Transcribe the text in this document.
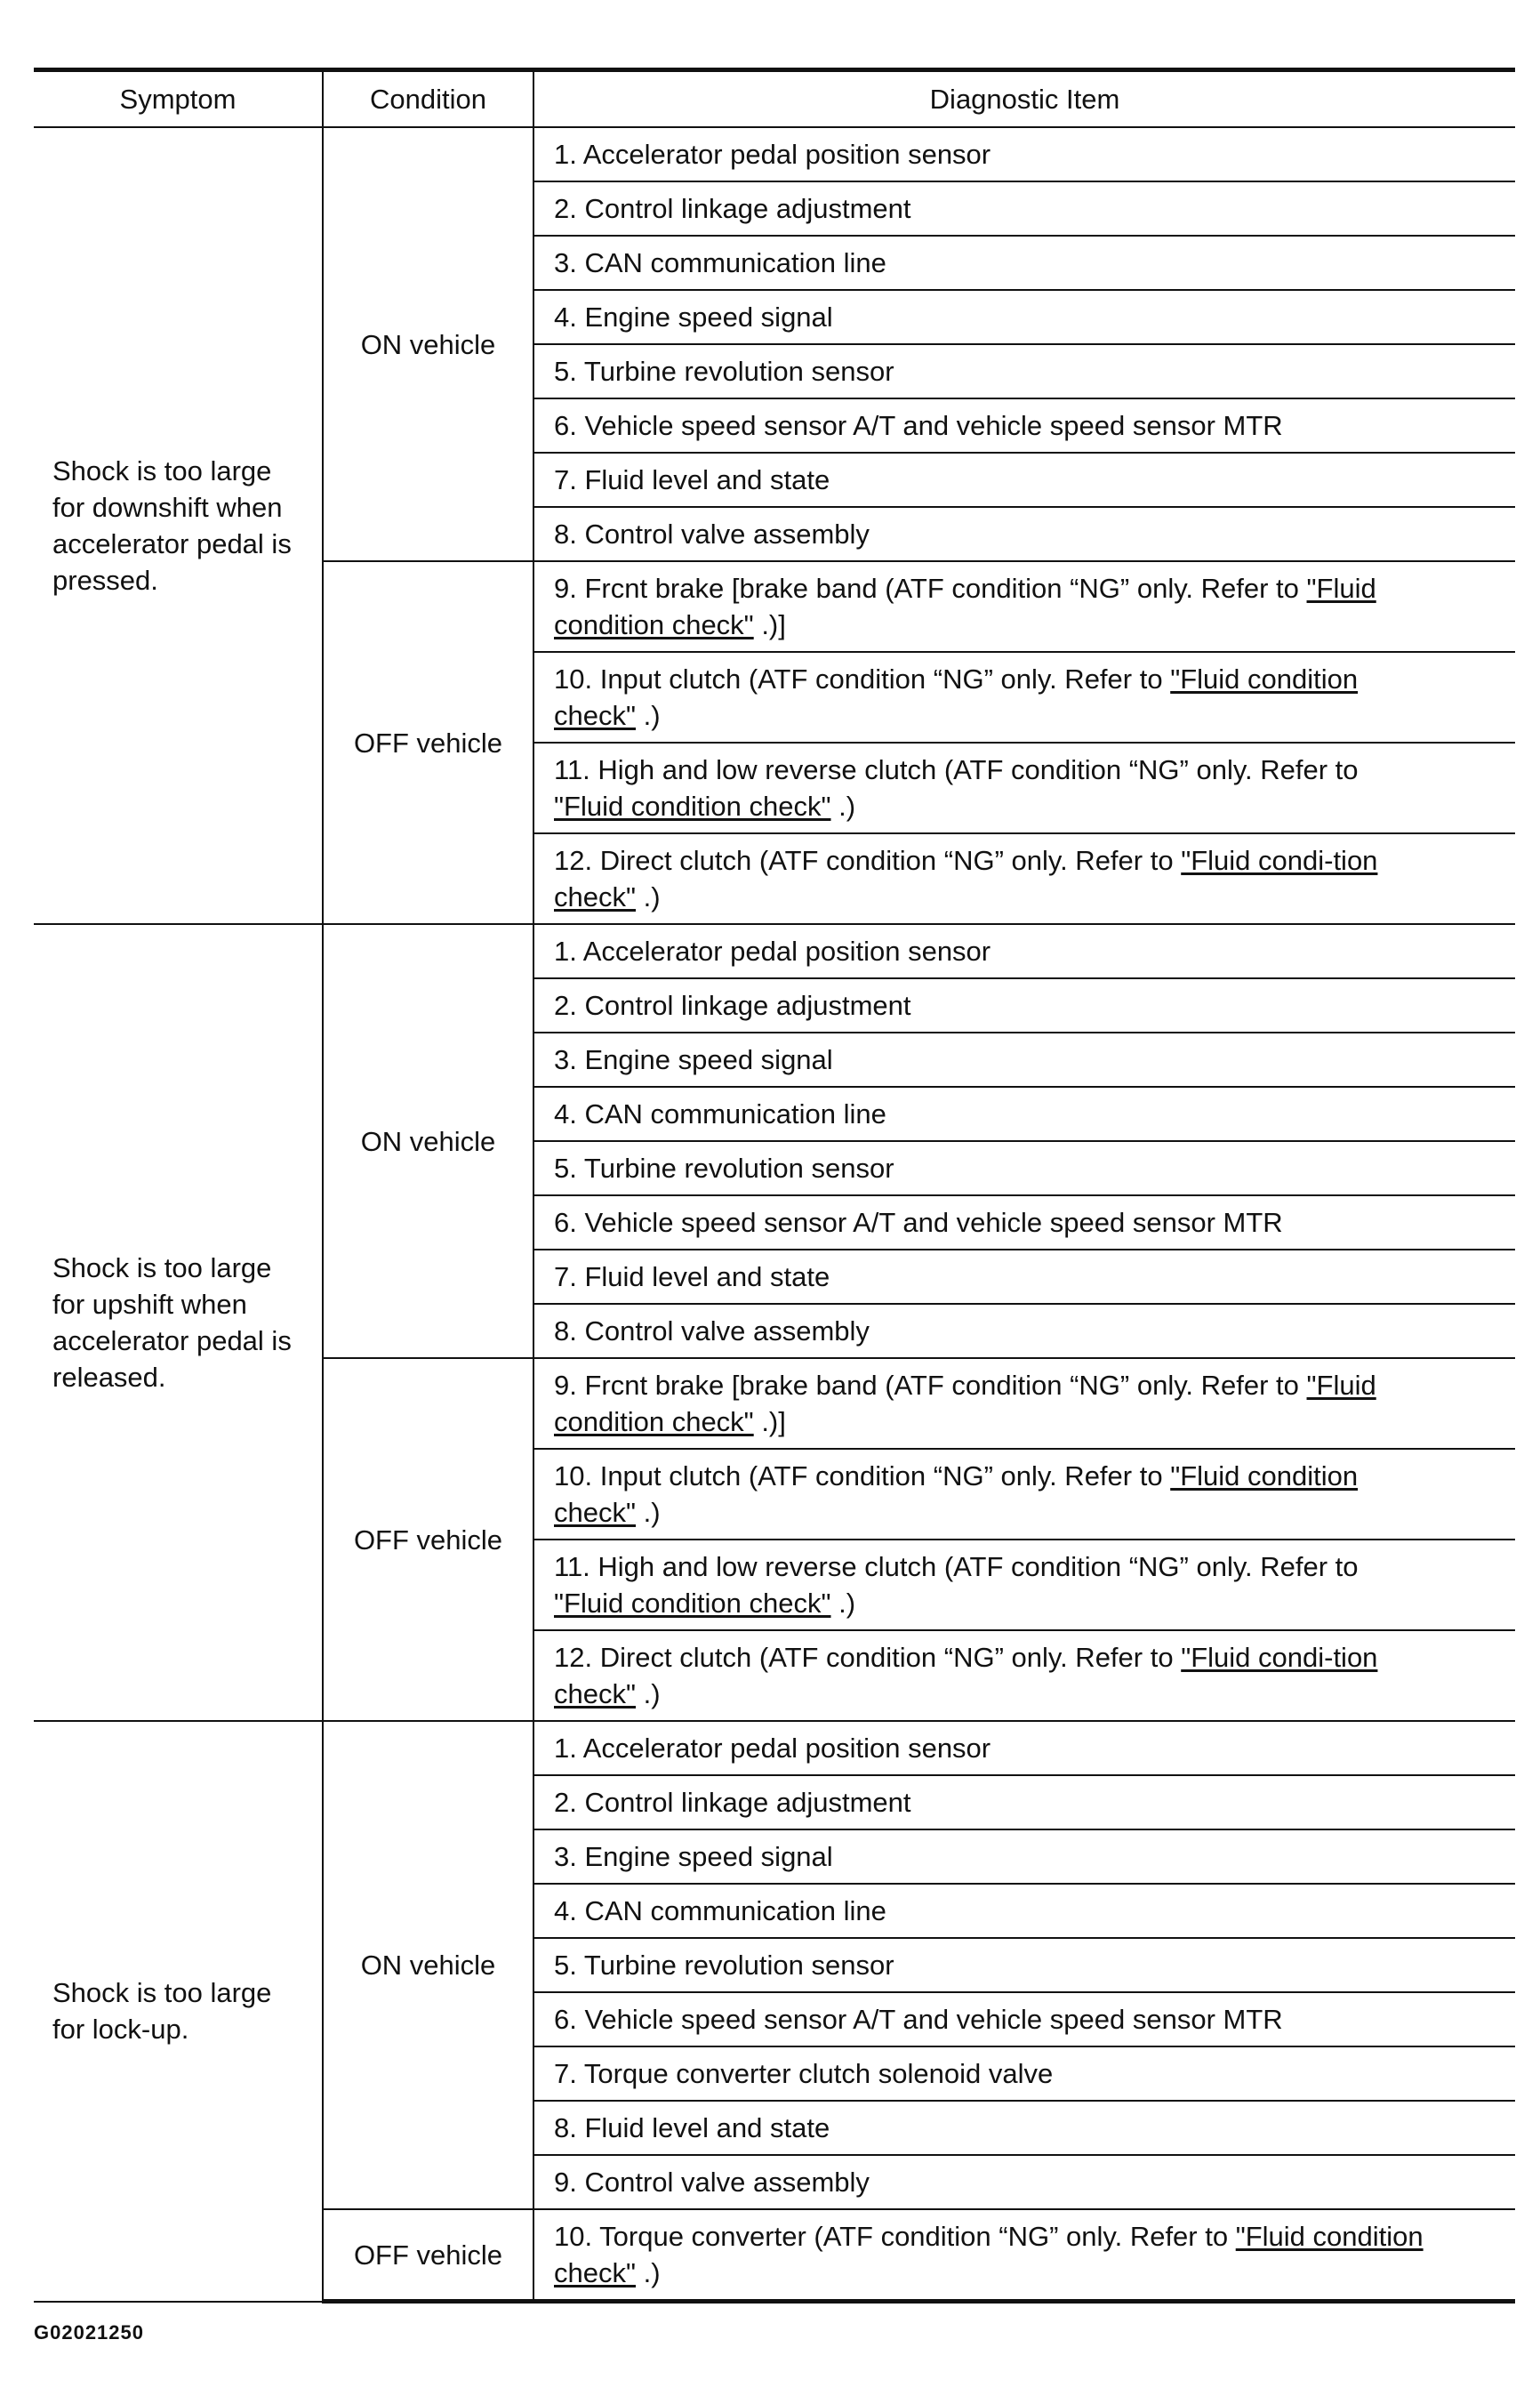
Symptom	Condition	Diagnostic Item
Shock is too large
for downshift when
accelerator pedal is
pressed.	ON vehicle	1. Accelerator pedal position sensor
		2. Control linkage adjustment
		3. CAN communication line
		4. Engine speed signal
		5. Turbine revolution sensor
		6. Vehicle speed sensor A/T and vehicle speed sensor MTR
		7. Fluid level and state
		8. Control valve assembly
	OFF vehicle	9. Frcnt brake [brake band (ATF condition “NG” only. Refer to "Fluid condition check" .)]
		10. Input clutch (ATF condition “NG” only. Refer to "Fluid condition check" .)
		11. High and low reverse clutch (ATF condition “NG” only. Refer to "Fluid condition check" .)
		12. Direct clutch (ATF condition “NG” only. Refer to "Fluid condi-tion check" .)
Shock is too large
for upshift when
accelerator pedal is
released.	ON vehicle	1. Accelerator pedal position sensor
		2. Control linkage adjustment
		3. Engine speed signal
		4. CAN communication line
		5. Turbine revolution sensor
		6. Vehicle speed sensor A/T and vehicle speed sensor MTR
		7. Fluid level and state
		8. Control valve assembly
	OFF vehicle	9. Frcnt brake [brake band (ATF condition “NG” only. Refer to "Fluid condition check" .)]
		10. Input clutch (ATF condition “NG” only. Refer to "Fluid condition check" .)
		11. High and low reverse clutch (ATF condition “NG” only. Refer to "Fluid condition check" .)
		12. Direct clutch (ATF condition “NG” only. Refer to "Fluid condi-tion check" .)
Shock is too large
for lock-up.	ON vehicle	1. Accelerator pedal position sensor
		2. Control linkage adjustment
		3. Engine speed signal
		4. CAN communication line
		5. Turbine revolution sensor
		6. Vehicle speed sensor A/T and vehicle speed sensor MTR
		7. Torque converter clutch solenoid valve
		8. Fluid level and state
		9. Control valve assembly
	OFF vehicle	10. Torque converter (ATF condition “NG” only. Refer to "Fluid condition check" .)
G02021250
